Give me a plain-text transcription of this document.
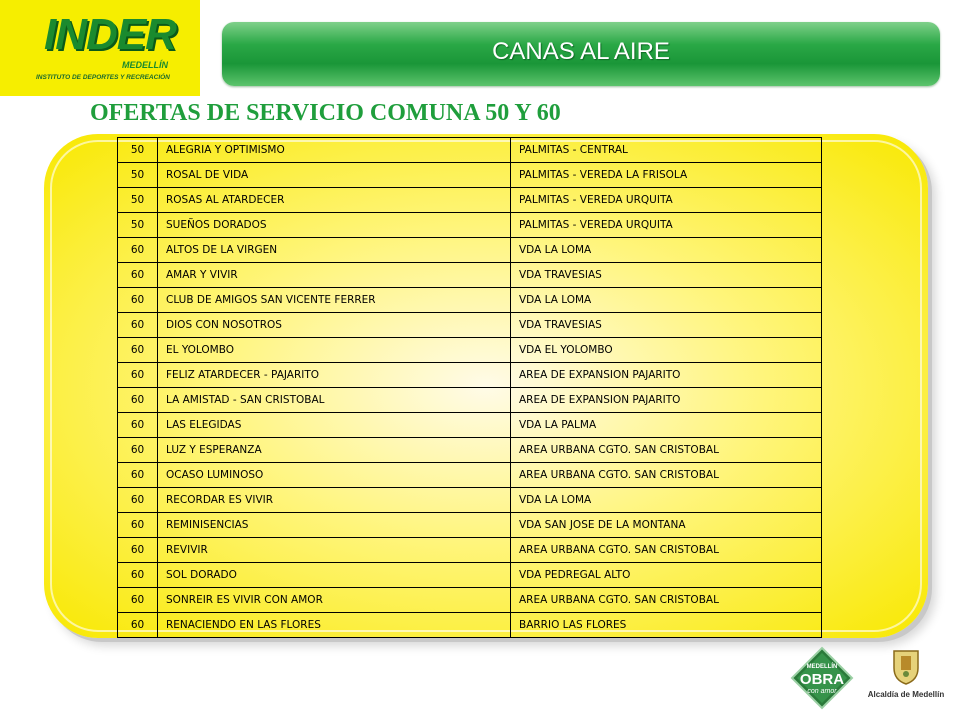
INDER
MEDELLÍN
INSTITUTO DE DEPORTES Y RECREACIÓN
CANAS AL AIRE
OFERTAS DE SERVICIO COMUNA 50 Y 60
50	ALEGRIA Y OPTIMISMO	PALMITAS - CENTRAL
50	ROSAL DE VIDA	PALMITAS - VEREDA LA FRISOLA
50	ROSAS AL ATARDECER	PALMITAS - VEREDA URQUITA
50	SUEÑOS DORADOS	PALMITAS - VEREDA URQUITA
60	ALTOS DE LA VIRGEN	VDA LA LOMA
60	AMAR Y VIVIR	VDA TRAVESIAS
60	CLUB DE AMIGOS SAN VICENTE FERRER	VDA LA LOMA
60	DIOS CON NOSOTROS	VDA TRAVESIAS
60	EL YOLOMBO	VDA EL YOLOMBO
60	FELIZ ATARDECER - PAJARITO	AREA DE EXPANSION PAJARITO
60	LA AMISTAD - SAN CRISTOBAL	AREA DE EXPANSION PAJARITO
60	LAS ELEGIDAS	VDA LA PALMA
60	LUZ Y ESPERANZA	AREA URBANA CGTO. SAN CRISTOBAL
60	OCASO LUMINOSO	AREA URBANA CGTO. SAN CRISTOBAL
60	RECORDAR ES VIVIR	VDA LA LOMA
60	REMINISENCIAS	VDA SAN JOSE DE LA MONTANA
60	REVIVIR	AREA URBANA CGTO. SAN CRISTOBAL
60	SOL DORADO	VDA PEDREGAL ALTO
60	SONREIR ES VIVIR CON AMOR	AREA URBANA CGTO. SAN CRISTOBAL
60	RENACIENDO EN LAS FLORES	BARRIO LAS FLORES
MEDELLÍN
OBRA
con amor	Alcaldía de Medellín
